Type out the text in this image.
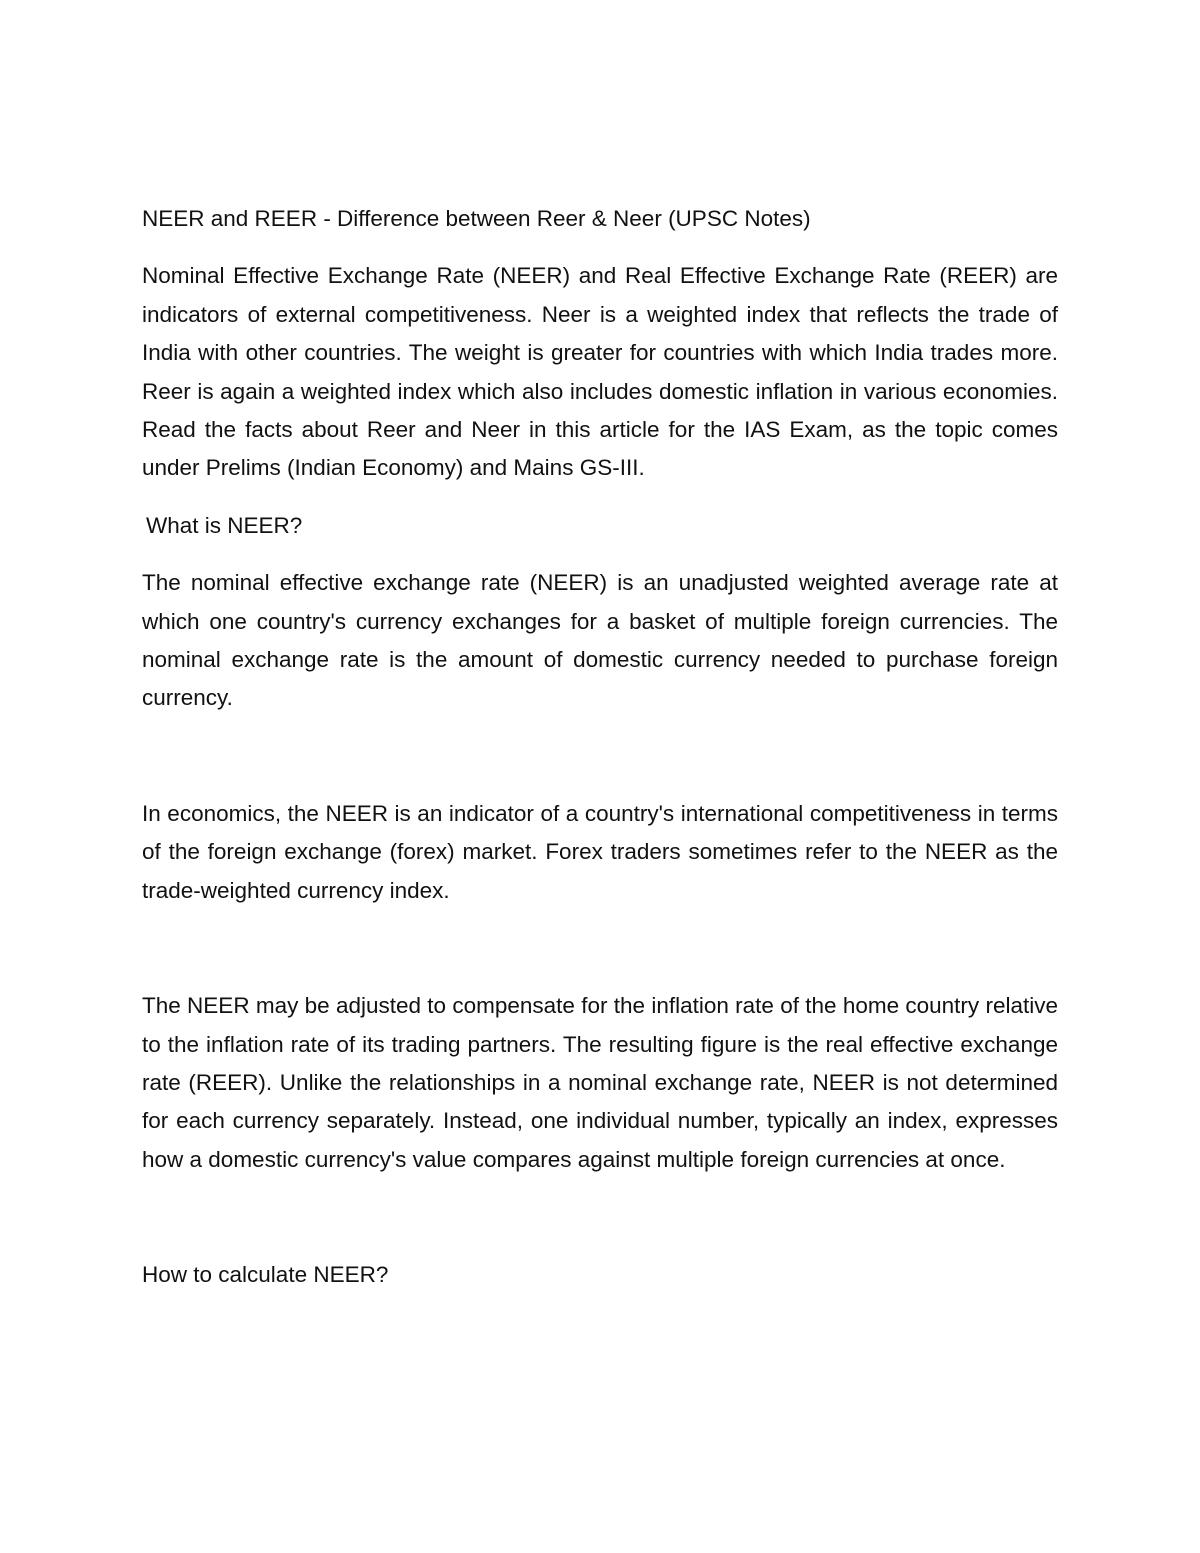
NEER and REER - Difference between Reer & Neer (UPSC Notes)

Nominal Effective Exchange Rate (NEER) and Real Effective Exchange Rate (REER) are indicators of external competitiveness. Neer is a weighted index that reflects the trade of India with other countries. The weight is greater for countries with which India trades more. Reer is again a weighted index which also includes domestic inflation in various economies. Read the facts about Reer and Neer in this article for the IAS Exam, as the topic comes under Prelims (Indian Economy) and Mains GS-III.

What is NEER?

The nominal effective exchange rate (NEER) is an unadjusted weighted average rate at which one country's currency exchanges for a basket of multiple foreign currencies. The nominal exchange rate is the amount of domestic currency needed to purchase foreign currency.

In economics, the NEER is an indicator of a country's international competitiveness in terms of the foreign exchange (forex) market. Forex traders sometimes refer to the NEER as the trade-weighted currency index.

The NEER may be adjusted to compensate for the inflation rate of the home country relative to the inflation rate of its trading partners. The resulting figure is the real effective exchange rate (REER). Unlike the relationships in a nominal exchange rate, NEER is not determined for each currency separately. Instead, one individual number, typically an index, expresses how a domestic currency's value compares against multiple foreign currencies at once.

How to calculate NEER?
